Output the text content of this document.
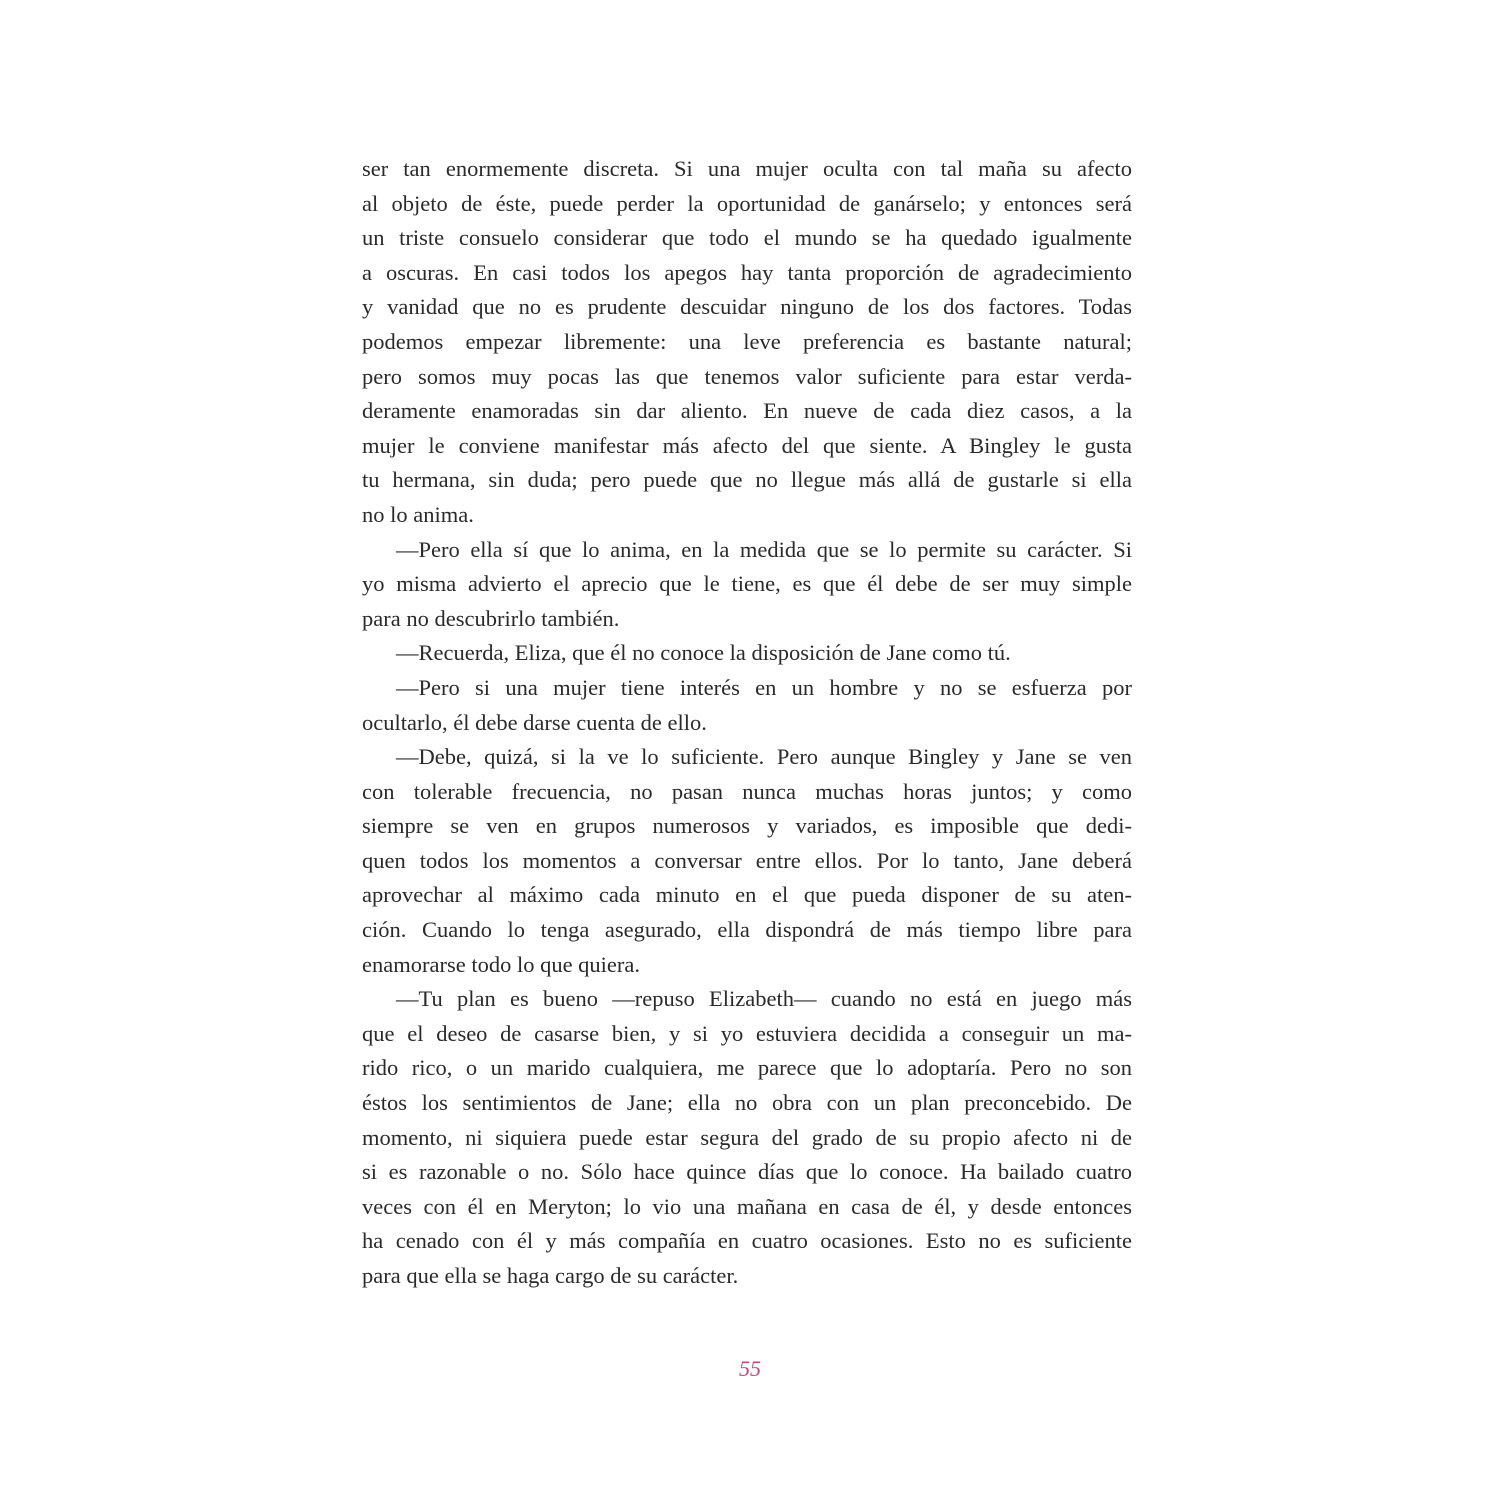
ser tan enormemente discreta. Si una mujer oculta con tal maña su afecto
al objeto de éste, puede perder la oportunidad de ganárselo; y entonces será
un triste consuelo considerar que todo el mundo se ha quedado igualmente
a oscuras. En casi todos los apegos hay tanta proporción de agradecimiento
y vanidad que no es prudente descuidar ninguno de los dos factores. Todas
podemos empezar libremente: una leve preferencia es bastante natural;
pero somos muy pocas las que tenemos valor suficiente para estar verda-
deramente enamoradas sin dar aliento. En nueve de cada diez casos, a la
mujer le conviene manifestar más afecto del que siente. A Bingley le gusta
tu hermana, sin duda; pero puede que no llegue más allá de gustarle si ella
no lo anima.
—Pero ella sí que lo anima, en la medida que se lo permite su carácter. Si
yo misma advierto el aprecio que le tiene, es que él debe de ser muy simple
para no descubrirlo también.
—Recuerda, Eliza, que él no conoce la disposición de Jane como tú.
—Pero si una mujer tiene interés en un hombre y no se esfuerza por
ocultarlo, él debe darse cuenta de ello.
—Debe, quizá, si la ve lo suficiente. Pero aunque Bingley y Jane se ven
con tolerable frecuencia, no pasan nunca muchas horas juntos; y como
siempre se ven en grupos numerosos y variados, es imposible que dedi-
quen todos los momentos a conversar entre ellos. Por lo tanto, Jane deberá
aprovechar al máximo cada minuto en el que pueda disponer de su aten-
ción. Cuando lo tenga asegurado, ella dispondrá de más tiempo libre para
enamorarse todo lo que quiera.
—Tu plan es bueno —repuso Elizabeth— cuando no está en juego más
que el deseo de casarse bien, y si yo estuviera decidida a conseguir un ma-
rido rico, o un marido cualquiera, me parece que lo adoptaría. Pero no son
éstos los sentimientos de Jane; ella no obra con un plan preconcebido. De
momento, ni siquiera puede estar segura del grado de su propio afecto ni de
si es razonable o no. Sólo hace quince días que lo conoce. Ha bailado cuatro
veces con él en Meryton; lo vio una mañana en casa de él, y desde entonces
ha cenado con él y más compañía en cuatro ocasiones. Esto no es suficiente
para que ella se haga cargo de su carácter.
55
